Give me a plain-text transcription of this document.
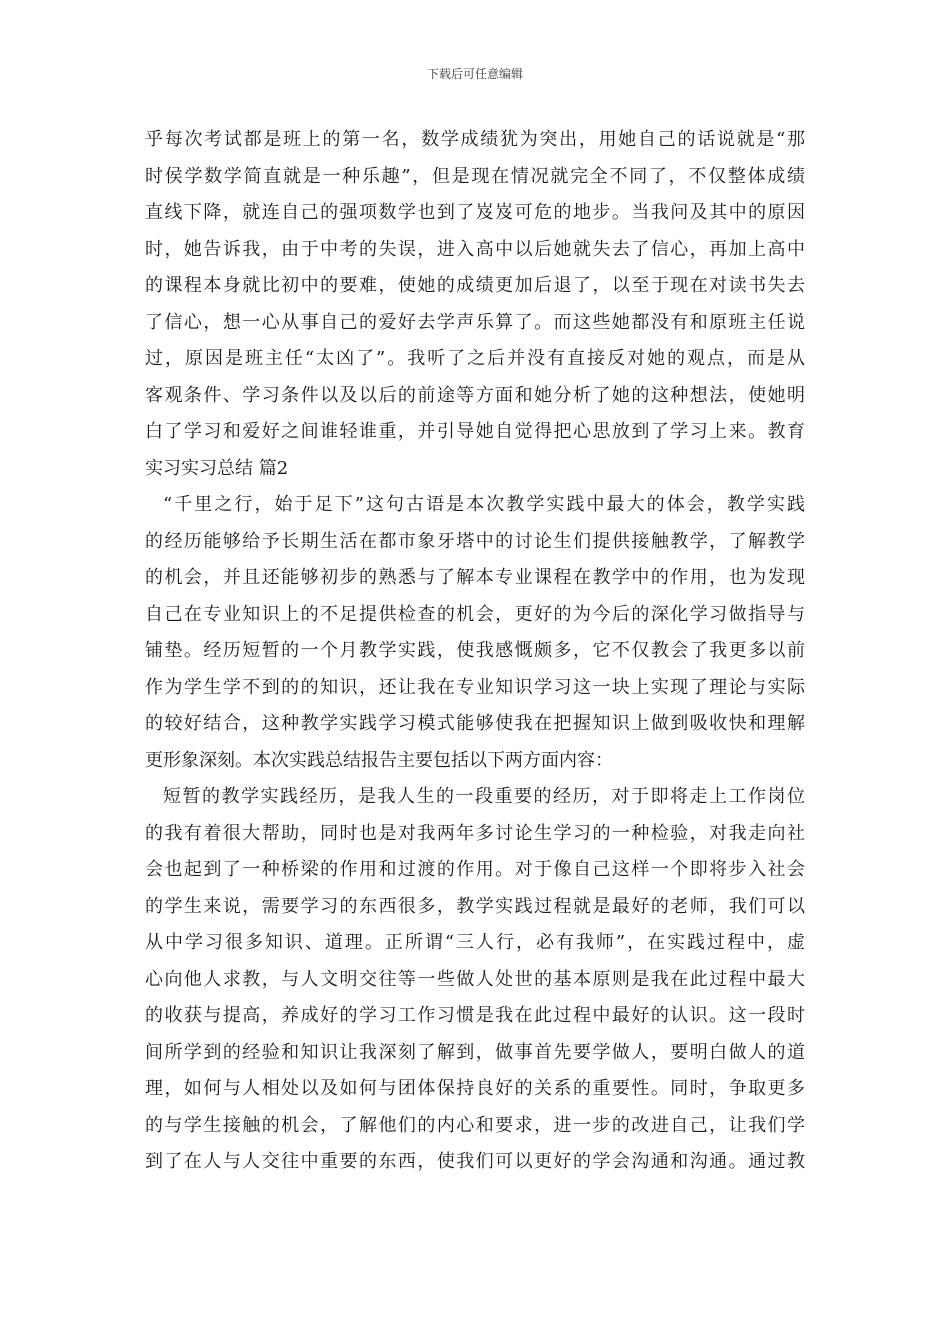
下载后可任意编辑
乎每次考试都是班上的第一名，数学成绩犹为突出，用她自己的话说就是“那
时侯学数学简直就是一种乐趣”，但是现在情况就完全不同了，不仅整体成绩
直线下降，就连自己的强项数学也到了岌岌可危的地步。当我问及其中的原因
时，她告诉我，由于中考的失误，进入高中以后她就失去了信心，再加上高中
的课程本身就比初中的要难，使她的成绩更加后退了，以至于现在对读书失去
了信心，想一心从事自己的爱好去学声乐算了。而这些她都没有和原班主任说
过，原因是班主任“太凶了”。我听了之后并没有直接反对她的观点，而是从
客观条件、学习条件以及以后的前途等方面和她分析了她的这种想法，使她明
白了学习和爱好之间谁轻谁重，并引导她自觉得把心思放到了学习上来。教育
实习实习总结 篇2
“千里之行，始于足下”这句古语是本次教学实践中最大的体会，教学实践
的经历能够给予长期生活在都市象牙塔中的讨论生们提供接触教学，了解教学
的机会，并且还能够初步的熟悉与了解本专业课程在教学中的作用，也为发现
自己在专业知识上的不足提供检查的机会，更好的为今后的深化学习做指导与
铺垫。经历短暂的一个月教学实践，使我感慨颇多，它不仅教会了我更多以前
作为学生学不到的的知识，还让我在专业知识学习这一块上实现了理论与实际
的较好结合，这种教学实践学习模式能够使我在把握知识上做到吸收快和理解
更形象深刻。本次实践总结报告主要包括以下两方面内容：
短暂的教学实践经历，是我人生的一段重要的经历，对于即将走上工作岗位
的我有着很大帮助，同时也是对我两年多讨论生学习的一种检验，对我走向社
会也起到了一种桥梁的作用和过渡的作用。对于像自己这样一个即将步入社会
的学生来说，需要学习的东西很多，教学实践过程就是最好的老师，我们可以
从中学习很多知识、道理。正所谓“三人行，必有我师”，在实践过程中，虚
心向他人求教，与人文明交往等一些做人处世的基本原则是我在此过程中最大
的收获与提高，养成好的学习工作习惯是我在此过程中最好的认识。这一段时
间所学到的经验和知识让我深刻了解到，做事首先要学做人，要明白做人的道
理，如何与人相处以及如何与团体保持良好的关系的重要性。同时，争取更多
的与学生接触的机会，了解他们的内心和要求，进一步的改进自己，让我们学
到了在人与人交往中重要的东西，使我们可以更好的学会沟通和沟通。通过教
